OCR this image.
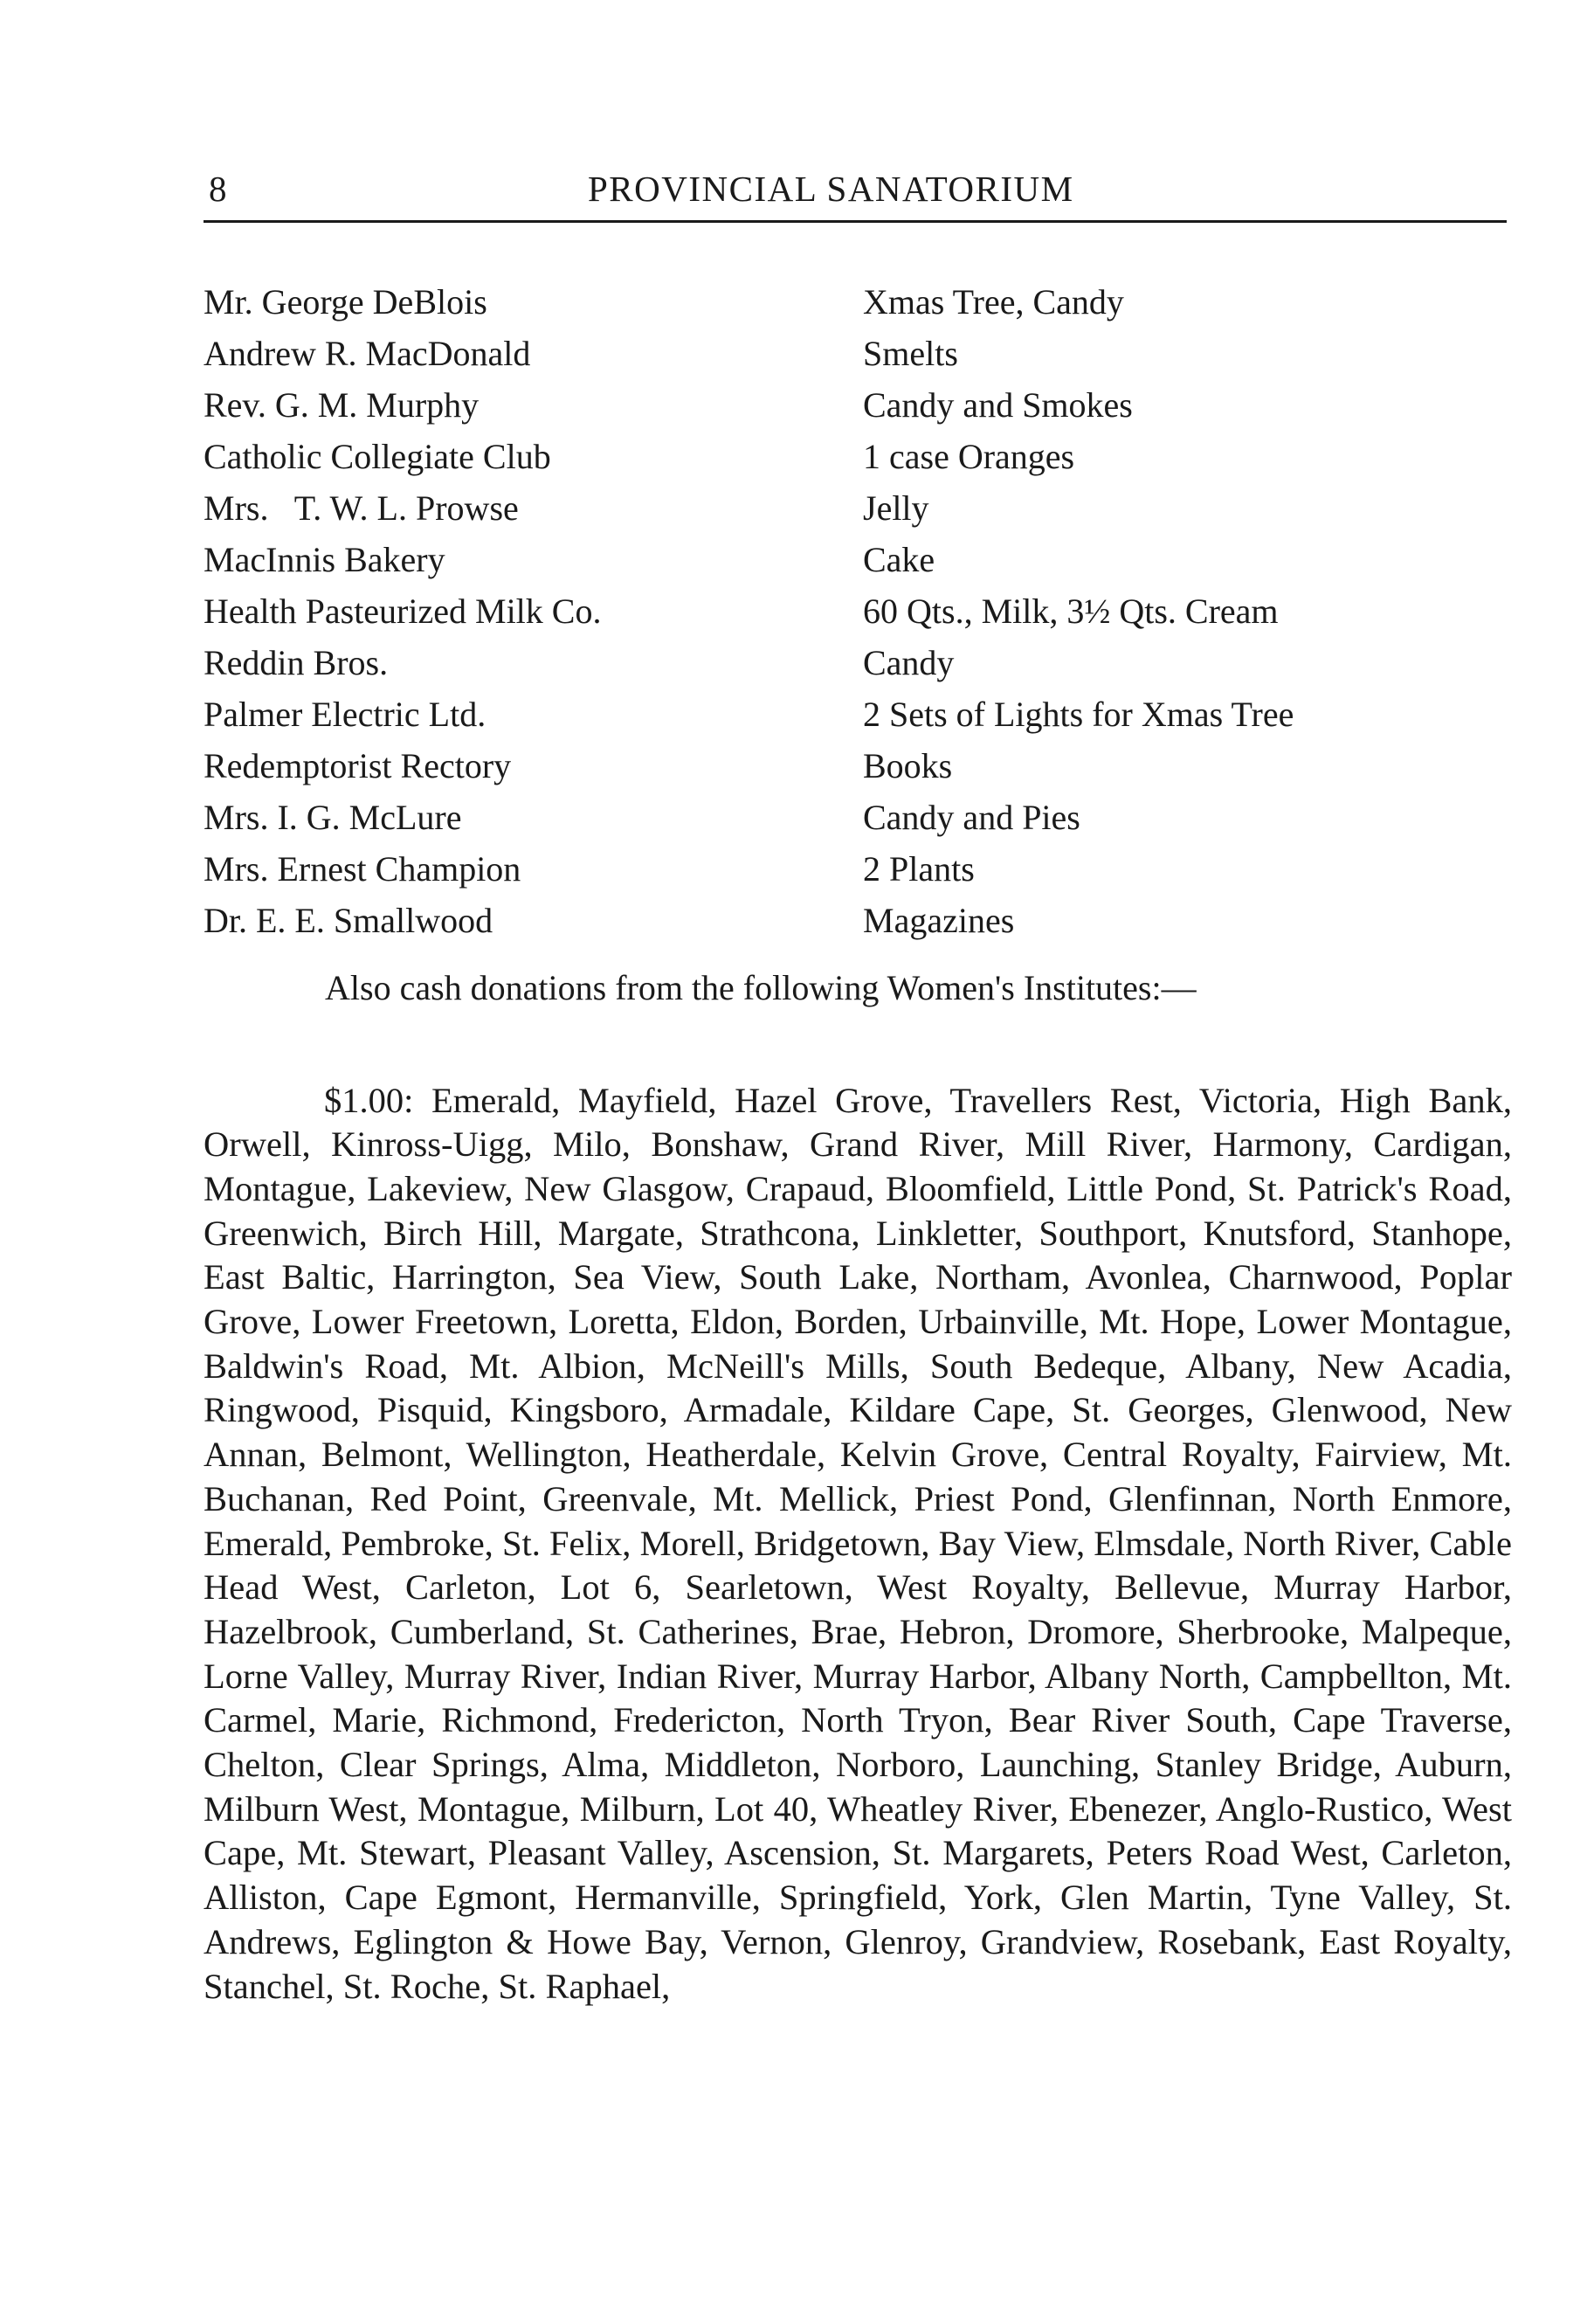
8	PROVINCIAL SANATORIUM
Mr. George DeBlois	Xmas Tree, Candy
Andrew R. MacDonald	Smelts
Rev. G. M. Murphy	Candy and Smokes
Catholic Collegiate Club	1 case Oranges
Mrs.   T. W. L. Prowse	Jelly
MacInnis Bakery	Cake
Health Pasteurized Milk Co.	60 Qts., Milk, 3½ Qts. Cream
Reddin Bros.	Candy
Palmer Electric Ltd.	2 Sets of Lights for Xmas Tree
Redemptorist Rectory	Books
Mrs. I. G. McLure	Candy and Pies
Mrs. Ernest Champion	2 Plants
Dr. E. E. Smallwood	Magazines
Also cash donations from the following Women's Institutes:—

$1.00: Emerald, Mayfield, Hazel Grove, Travellers Rest, Victoria, High Bank, Orwell, Kinross-Uigg, Milo, Bonshaw, Grand River, Mill River, Harmony, Cardigan, Montague, Lakeview, New Glasgow, Crapaud, Bloomfield, Little Pond, St. Patrick's Road, Greenwich, Birch Hill, Margate, Strathcona, Linkletter, Southport, Knutsford, Stanhope, East Baltic, Harrington, Sea View, South Lake, Northam, Avonlea, Charnwood, Poplar Grove, Lower Freetown, Loretta, Eldon, Borden, Urbainville, Mt. Hope, Lower Montague, Baldwin's Road, Mt. Albion, McNeill's Mills, South Bedeque, Albany, New Acadia, Ringwood, Pisquid, Kingsboro, Armadale, Kildare Cape, St. Georges, Glenwood, New Annan, Belmont, Wellington, Heatherdale, Kelvin Grove, Central Royalty, Fairview, Mt. Buchanan, Red Point, Greenvale, Mt. Mellick, Priest Pond, Glenfinnan, North Enmore, Emerald, Pembroke, St. Felix, Morell, Bridgetown, Bay View, Elmsdale, North River, Cable Head West, Carleton, Lot 6, Searletown, West Royalty, Bellevue, Murray Harbor, Hazelbrook, Cumberland, St. Catherines, Brae, Hebron, Dromore, Sherbrooke, Malpeque, Lorne Valley, Murray River, Indian River, Murray Harbor, Albany North, Campbellton, Mt. Carmel, Marie, Richmond, Fredericton, North Tryon, Bear River South, Cape Traverse, Chelton, Clear Springs, Alma, Middleton, Norboro, Launching, Stanley Bridge, Auburn, Milburn West, Montague, Milburn, Lot 40, Wheatley River, Ebenezer, Anglo-Rustico, West Cape, Mt. Stewart, Pleasant Valley, Ascension, St. Margarets, Peters Road West, Carleton, Alliston, Cape Egmont, Hermanville, Springfield, York, Glen Martin, Tyne Valley, St. Andrews, Eglington & Howe Bay, Vernon, Glenroy, Grandview, Rosebank, East Royalty, Stanchel, St. Roche, St. Raphael,
